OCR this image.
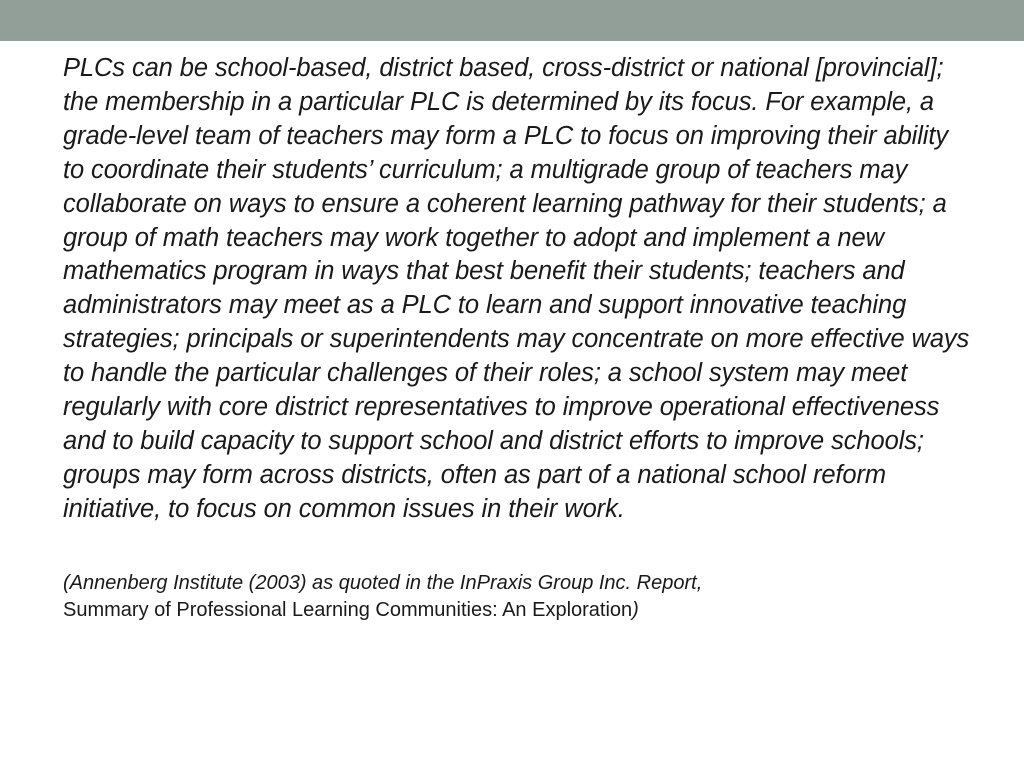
PLCs can be school-based, district based, cross-district or national [provincial]; the membership in a particular PLC is determined by its focus. For example, a grade-level team of teachers may form a PLC to focus on improving their ability to coordinate their students’ curriculum; a multigrade group of teachers may collaborate on ways to ensure a coherent learning pathway for their students; a group of math teachers may work together to adopt and implement a new mathematics program in ways that best benefit their students; teachers and administrators may meet as a PLC to learn and support innovative teaching strategies; principals or superintendents may concentrate on more effective ways to handle the particular challenges of their roles; a school system may meet regularly with core district representatives to improve operational effectiveness and to build capacity to support school and district efforts to improve schools; groups may form across districts, often as part of a national school reform initiative, to focus on common issues in their work.

(Annenberg Institute (2003) as quoted in the InPraxis Group Inc. Report,
Summary of Professional Learning Communities: An Exploration)
